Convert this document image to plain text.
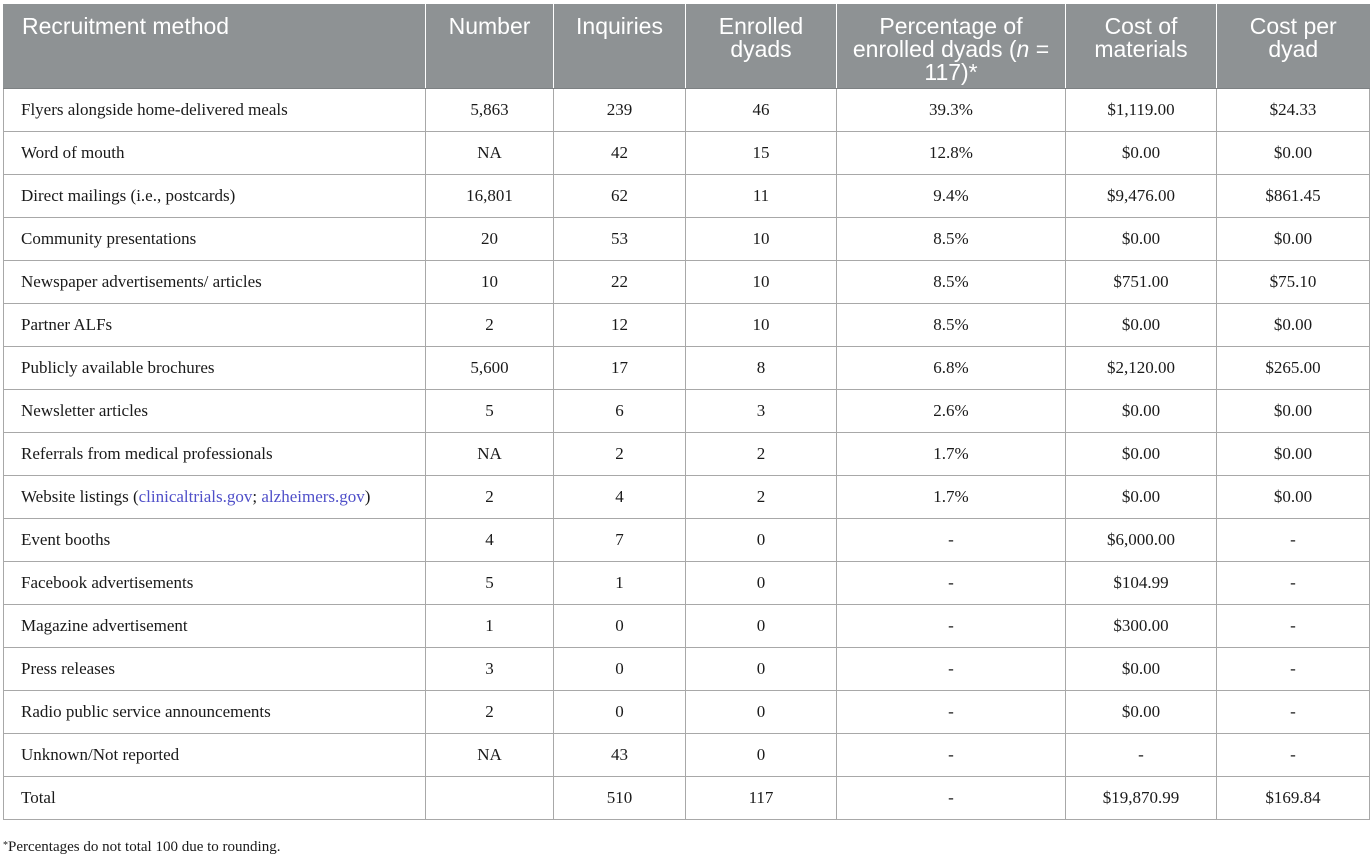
Recruitment method	Number	Inquiries	Enrolled dyads	Percentage of enrolled dyads (n = 117)*	Cost of materials	Cost per dyad
Flyers alongside home-delivered meals	5,863	239	46	39.3%	$1,119.00	$24.33
Word of mouth	NA	42	15	12.8%	$0.00	$0.00
Direct mailings (i.e., postcards)	16,801	62	11	9.4%	$9,476.00	$861.45
Community presentations	20	53	10	8.5%	$0.00	$0.00
Newspaper advertisements/ articles	10	22	10	8.5%	$751.00	$75.10
Partner ALFs	2	12	10	8.5%	$0.00	$0.00
Publicly available brochures	5,600	17	8	6.8%	$2,120.00	$265.00
Newsletter articles	5	6	3	2.6%	$0.00	$0.00
Referrals from medical professionals	NA	2	2	1.7%	$0.00	$0.00
Website listings (clinicaltrials.gov; alzheimers.gov)	2	4	2	1.7%	$0.00	$0.00
Event booths	4	7	0	-	$6,000.00	-
Facebook advertisements	5	1	0	-	$104.99	-
Magazine advertisement	1	0	0	-	$300.00	-
Press releases	3	0	0	-	$0.00	-
Radio public service announcements	2	0	0	-	$0.00	-
Unknown/Not reported	NA	43	0	-	-	-
Total		510	117	-	$19,870.99	$169.84
*Percentages do not total 100 due to rounding.
